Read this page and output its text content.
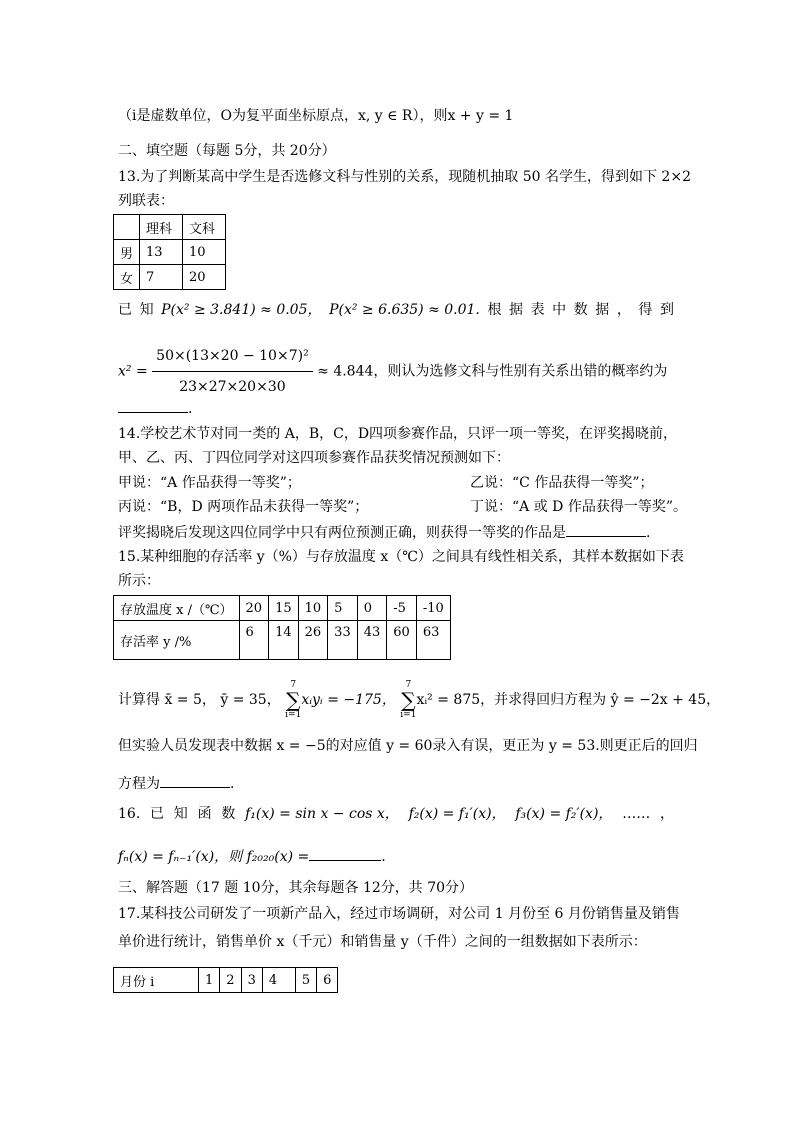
（i是虚数单位，O为复平面坐标原点，x, y ∈ R），则x + y = 1
二、填空题（每题 5分，共 20分）
13.为了判断某高中学生是否选修文科与性别的关系，现随机抽取 50 名学生，得到如下 2×2
列联表：
	理科	文科
男	13	10
女	7	20
已 知 P(x² ≥ 3.841) ≈ 0.05， P(x² ≥ 6.635) ≈ 0.01. 根 据 表 中 数 据 ， 得 到
$x^2 = \frac{\text{50×(13×20 − 10×7)²}}{23\times 27\times 20\times 30} \approx 4.844$，则认为选修文科与性别有关系出错的概率约为
.
14.学校艺术节对同一类的 A，B，C，D四项参赛作品，只评一项一等奖，在评奖揭晓前，
甲、乙、丙、丁四位同学对这四项参赛作品获奖情况预测如下：
甲说：“A 作品获得一等奖”；	乙说：“C 作品获得一等奖”；
丙说：“B，D 两项作品未获得一等奖”；	丁说：“A 或 D 作品获得一等奖”。
评奖揭晓后发现这四位同学中只有两位预测正确，则获得一等奖的作品是	.
15.某种细胞的存活率 y（%）与存放温度 x（℃）之间具有线性相关系，其样本数据如下表
所示：
存放温度 x /（℃）	20	15	10	5	0	-5	-10
存活率 y /%	6	14	26	33	43	60	63
计算得 x̄ = 5， ȳ = 35， 7
∑
i=1xᵢyᵢ = −175， 7
∑
i=1xᵢ² = 875，并求得回归方程为 ŷ = −2x + 45，
但实验人员发现表中数据 x = −5的对应值 y = 60录入有误，更正为 y = 53.则更正后的回归
方程为	.
16. 已 知 函 数 f₁(x) = sin x − cos x， f₂(x) = f₁′(x)， f₃(x) = f₂′(x)， …… ，
fₙ(x) = fₙ₋₁′(x)，则 f₂₀₂₀(x) =	.
三、解答题（17 题 10分，其余每题各 12分，共 70分）
17.某科技公司研发了一项新产品入，经过市场调研，对公司 1 月份至 6 月份销售量及销售
单价进行统计，销售单价 x（千元）和销售量 y（千件）之间的一组数据如下表所示：
月份 i	1	2	3	4	5	6
